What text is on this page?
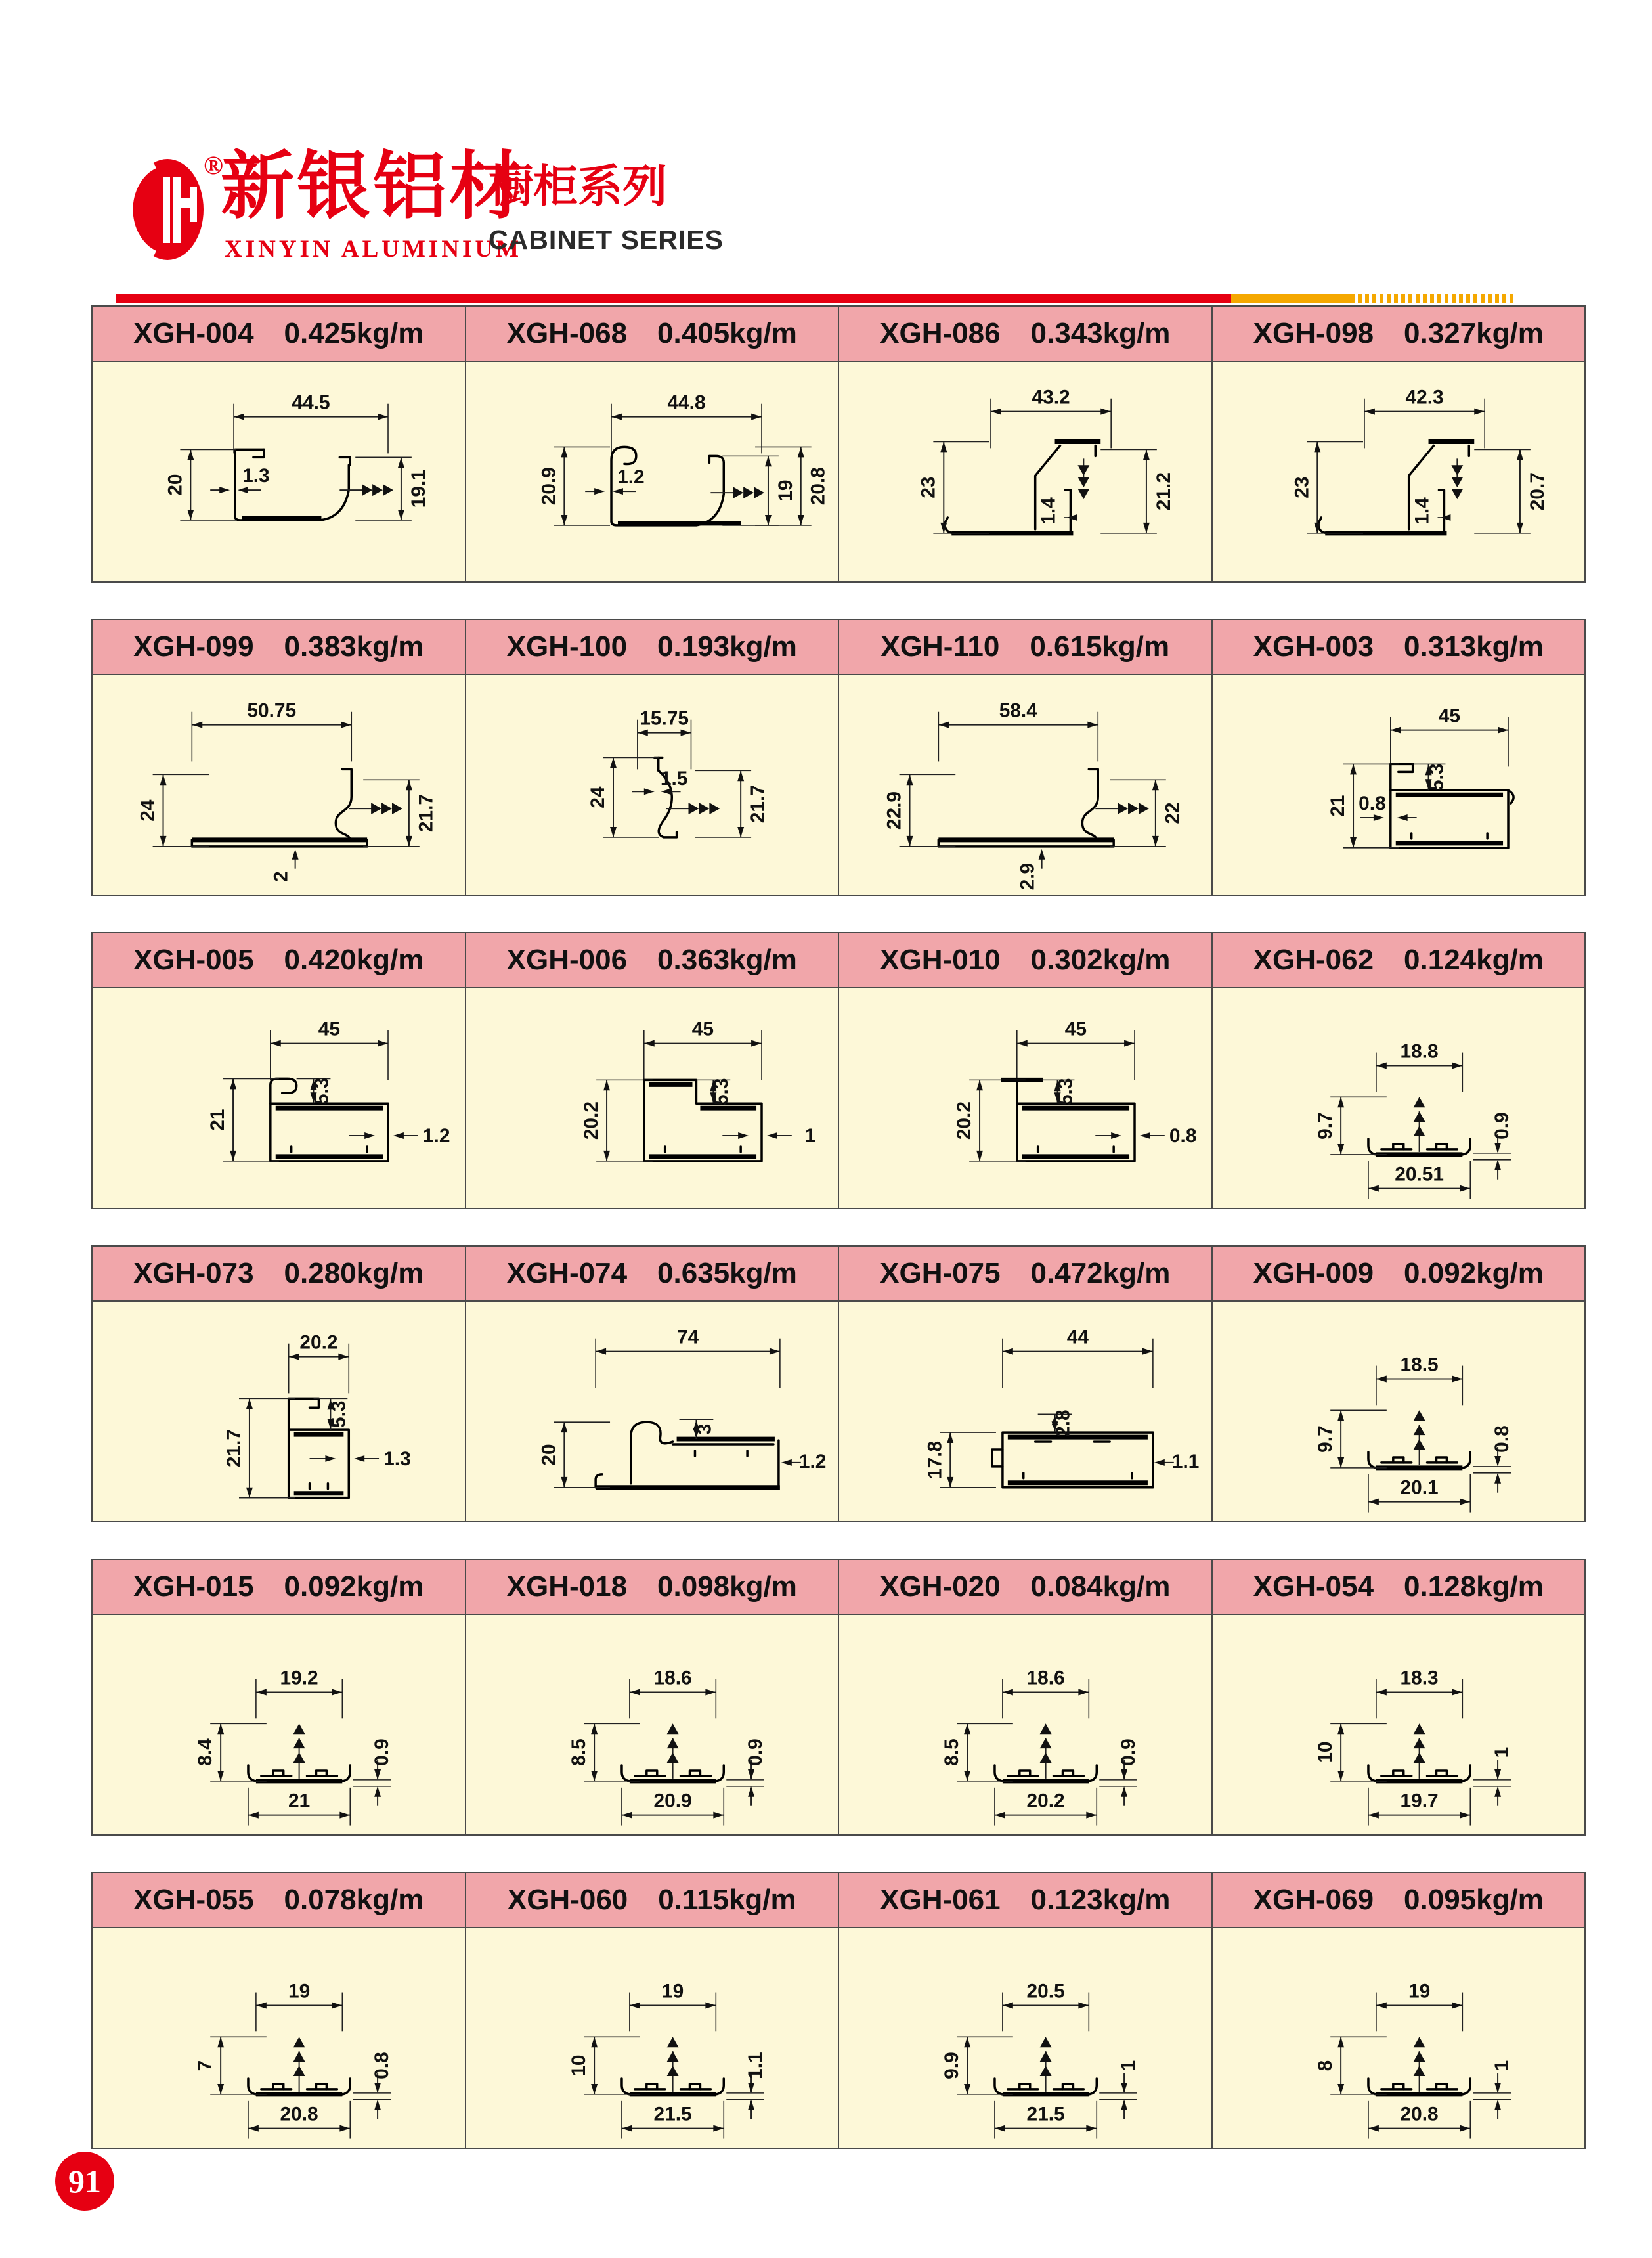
®
新银铝材
XINYIN ALUMINIUM
橱柜系列
CABINET SERIES
XGH-004 0.425kg/m
44.5
20	1.3	19.1
XGH-068 0.405kg/m
44.8
20.9	1.2
19 20.8
XGH-086 0.343kg/m
43.2
23
1.4
21.2
XGH-098 0.327kg/m
42.3
23
1.4
20.7
XGH-099 0.383kg/m
50.75
24
2
21.7
XGH-100 0.193kg/m
15.75
1.5
24	21.7
XGH-110 0.615kg/m
58.4
22.9
2.9
22
XGH-003 0.313kg/m
45
5.3
21 0.8
XGH-005 0.420kg/m
45
5.3
21
1.2
XGH-006 0.363kg/m
45
5.3
20.2	1
XGH-010 0.302kg/m
45
5.3
20.2	0.8
XGH-062 0.124kg/m
18.8
9.7
20.51
0.9
XGH-073 0.280kg/m
20.2
5.3
21.7	1.3
XGH-074 0.635kg/m
74
3
20	1.2
XGH-075 0.472kg/m
44
2.8
17.8	1.1
XGH-009 0.092kg/m
18.5
9.7
20.1
0.8
XGH-015 0.092kg/m
19.2
8.4
21
0.9
XGH-018 0.098kg/m
18.6
8.5
20.9
0.9
XGH-020 0.084kg/m
18.6
8.5
20.2
0.9
XGH-054 0.128kg/m
18.3
10
19.7
1
XGH-055 0.078kg/m
19
7
20.8
0.8
XGH-060 0.115kg/m
19
10
21.5
1.1
XGH-061 0.123kg/m
20.5
9.9
21.5
1
XGH-069 0.095kg/m
19
8
20.8
1
91
